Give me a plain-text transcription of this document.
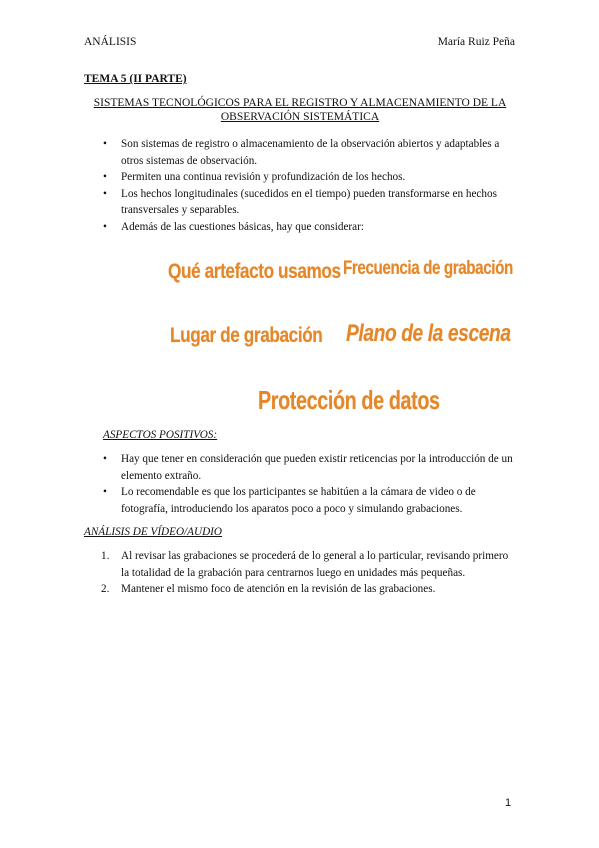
ANÁLISIS	María Ruiz Peña
TEMA 5 (II PARTE)
SISTEMAS TECNOLÓGICOS PARA EL REGISTRO Y ALMACENAMIENTO DE LA OBSERVACIÓN SISTEMÁTICA
• Son sistemas de registro o almacenamiento de la observación abiertos y adaptables a otros sistemas de observación.
• Permiten una continua revisión y profundización de los hechos.
• Los hechos longitudinales (sucedidos en el tiempo) pueden transformarse en hechos transversales y separables.
• Además de las cuestiones básicas, hay que considerar:
Qué artefacto usamos Frecuencia de grabación
Lugar de grabación Plano de la escena
Protección de datos
ASPECTOS POSITIVOS:
• Hay que tener en consideración que pueden existir reticencias por la introducción de un elemento extraño.
• Lo recomendable es que los participantes se habitúen a la cámara de video o de fotografía, introduciendo los aparatos poco a poco y simulando grabaciones.
ANÁLISIS DE VÍDEO/AUDIO
1. Al revisar las grabaciones se procederá de lo general a lo particular, revisando primero la totalidad de la grabación para centrarnos luego en unidades más pequeñas.
2. Mantener el mismo foco de atención en la revisión de las grabaciones.
1
